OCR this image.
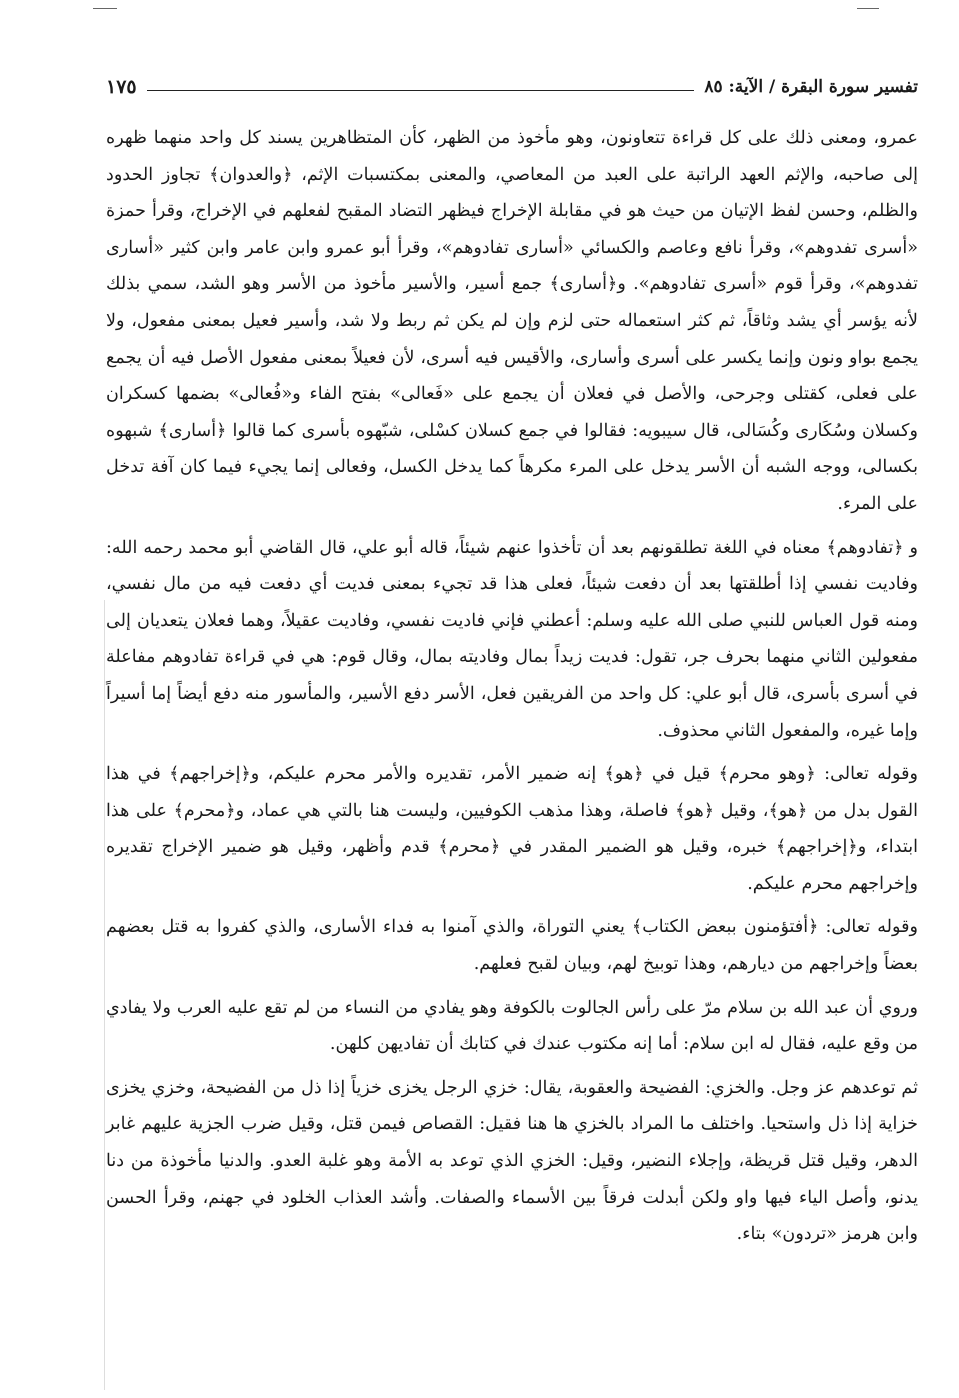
تفسير سورة البقرة / الآية: ٨٥
١٧٥

عمرو، ومعنى ذلك على كل قراءة تتعاونون، وهو مأخوذ من الظهر، كأن المتظاهرين يسند كل واحد منهما ظهره إلى صاحبه، والإثم العهد الراتبة على العبد من المعاصي، والمعنى بمكتسبات الإثم، ﴿والعدوان﴾ تجاوز الحدود والظلم، وحسن لفظ الإتيان من حيث هو في مقابلة الإخراج فيظهر التضاد المقبح لفعلهم في الإخراج، وقرأ حمزة «أسرى تفدوهم»، وقرأ نافع وعاصم والكسائي «أسارى تفادوهم»، وقرأ أبو عمرو وابن عامر وابن كثير «أسارى تفدوهم»، وقرأ قوم «أسرى تفادوهم». و﴿أسارى﴾ جمع أسير، والأسير مأخوذ من الأسر وهو الشد، سمي بذلك لأنه يؤسر أي يشد وثاقاً، ثم كثر استعماله حتى لزم وإن لم يكن ثم ربط ولا شد، وأسير فعيل بمعنى مفعول، ولا يجمع بواو ونون وإنما يكسر على أسرى وأسارى، والأقيس فيه أسرى، لأن فعيلاً بمعنى مفعول الأصل فيه أن يجمع على فعلى، كقتلى وجرحى، والأصل في فعلان أن يجمع على «فَعالى» بفتح الفاء و«فُعالى» بضمها كسكران وكسلان وسُكَارى وكُسَالى، قال سيبويه: فقالوا في جمع كسلان كسْلى، شبّهوه بأسرى كما قالوا ﴿أسارى﴾ شبهوه بكسالى، ووجه الشبه أن الأسر يدخل على المرء مكرهاً كما يدخل الكسل، وفعالى إنما يجيء فيما كان آفة تدخل على المرء.

و ﴿تفادوهم﴾ معناه في اللغة تطلقونهم بعد أن تأخذوا عنهم شيئاً، قاله أبو علي، قال القاضي أبو محمد رحمه الله: وفاديت نفسي إذا أطلقتها بعد أن دفعت شيئاً، فعلى هذا قد تجيء بمعنى فديت أي دفعت فيه من مال نفسي، ومنه قول العباس للنبي صلى الله عليه وسلم: أعطني فإني فاديت نفسي، وفاديت عقيلاً، وهما فعلان يتعديان إلى مفعولين الثاني منهما بحرف جر، تقول: فديت زيداً بمال وفاديته بمال، وقال قوم: هي في قراءة تفادوهم مفاعلة في أسرى بأسرى، قال أبو علي: كل واحد من الفريقين فعل، الأسر دفع الأسير، والمأسور منه دفع أيضاً إما أسيراً وإما غيره، والمفعول الثاني محذوف.

وقوله تعالى: ﴿وهو محرم﴾ قيل في ﴿هو﴾ إنه ضمير الأمر، تقديره والأمر محرم عليكم، و﴿إخراجهم﴾ في هذا القول بدل من ﴿هو﴾، وقيل ﴿هو﴾ فاصلة، وهذا مذهب الكوفيين، وليست هنا بالتي هي عماد، و﴿محرم﴾ على هذا ابتداء، و﴿إخراجهم﴾ خبره، وقيل هو الضمير المقدر في ﴿محرم﴾ قدم وأظهر، وقيل هو ضمير الإخراج تقديره وإخراجهم محرم عليكم.

وقوله تعالى: ﴿أفتؤمنون ببعض الكتاب﴾ يعني التوراة، والذي آمنوا به فداء الأسارى، والذي كفروا به قتل بعضهم بعضاً وإخراجهم من ديارهم، وهذا توبيخ لهم، وبيان لقبح فعلهم.

وروي أن عبد الله بن سلام مرّ على رأس الجالوت بالكوفة وهو يفادي من النساء من لم تقع عليه العرب ولا يفادي من وقع عليه، فقال له ابن سلام: أما إنه مكتوب عندك في كتابك أن تفاديهن كلهن.

ثم توعدهم عز وجل. والخزي: الفضيحة والعقوبة، يقال: خزي الرجل يخزى خزياً إذا ذل من الفضيحة، وخزي يخزى خزاية إذا ذل واستحيا. واختلف ما المراد بالخزي ها هنا فقيل: القصاص فيمن قتل، وقيل ضرب الجزية عليهم غابر الدهر، وقيل قتل قريظة، وإجلاء النضير، وقيل: الخزي الذي توعد به الأمة وهو غلبة العدو. والدنيا مأخوذة من دنا يدنو، وأصل الياء فيها واو ولكن أبدلت فرقاً بين الأسماء والصفات. وأشد العذاب الخلود في جهنم، وقرأ الحسن وابن هرمز «تردون» بتاء.
